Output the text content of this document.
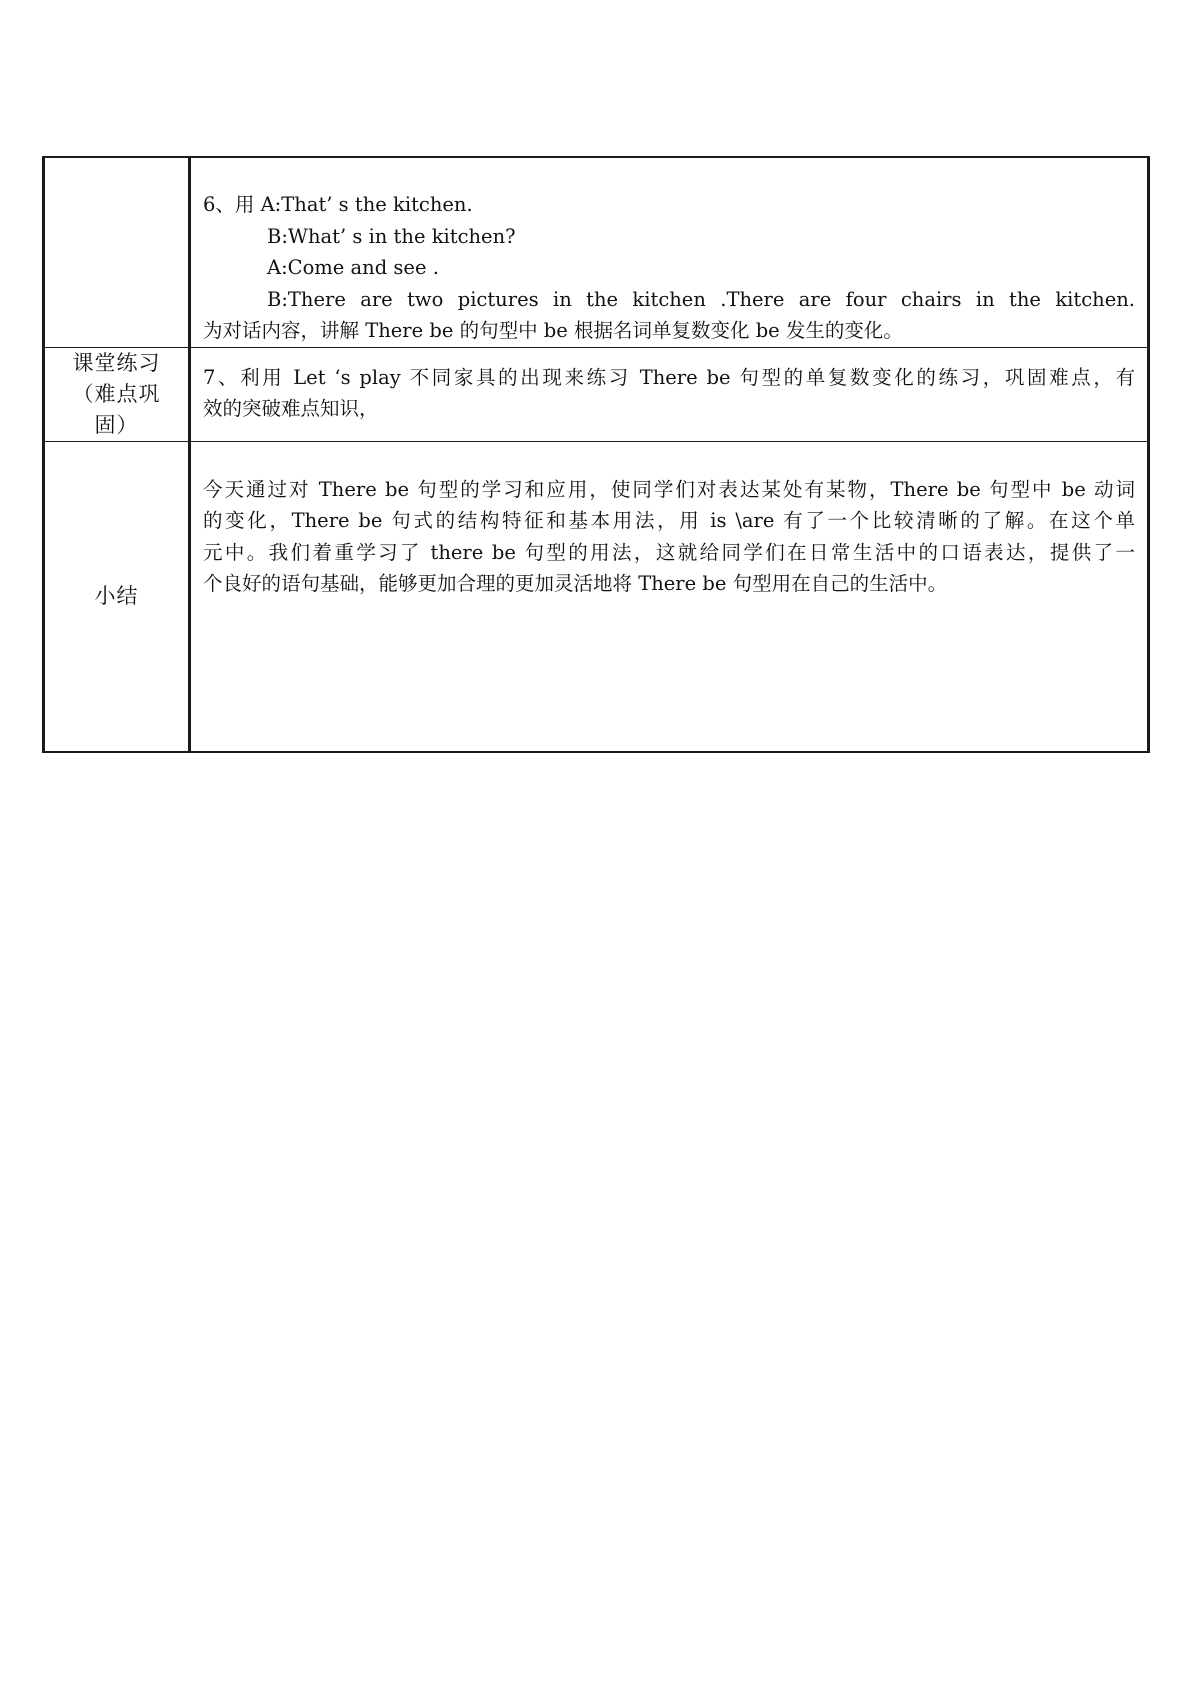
	6、用 A:That’ s the kitchen.
B:What’ s in the kitchen?
A:Come and see .
B:There are two pictures in the kitchen .There are four chairs in the kitchen.
为对话内容，讲解 There be 的句型中 be 根据名词单复数变化 be 发生的变化。

课堂练习
（难点巩
固）	7、利用 Let ‘s play 不同家具的出现来练习 There be 句型的单复数变化的练习，巩固难点，有
效的突破难点知识，

小结	今天通过对 There be 句型的学习和应用，使同学们对表达某处有某物，There be 句型中 be 动词
的变化，There be 句式的结构特征和基本用法，用 is \are 有了一个比较清晰的了解。在这个单
元中。我们着重学习了 there be 句型的用法，这就给同学们在日常生活中的口语表达，提供了一
个良好的语句基础，能够更加合理的更加灵活地将 There be 句型用在自己的生活中。
